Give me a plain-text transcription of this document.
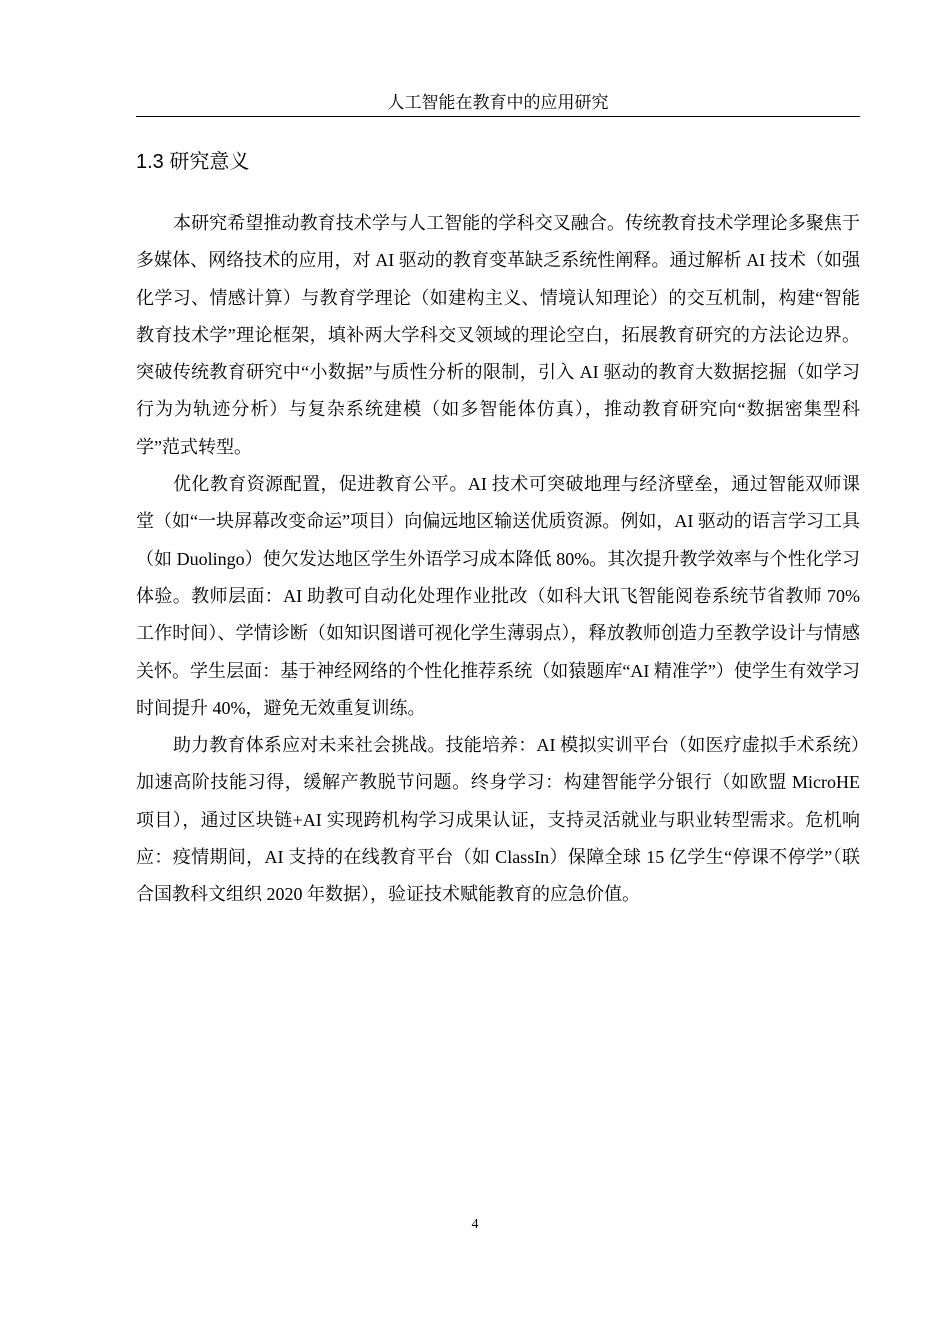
人工智能在教育中的应用研究
1.3 研究意义

本研究希望推动教育技术学与人工智能的学科交叉融合。传统教育技术学理论多聚焦于多媒体、网络技术的应用，对 AI 驱动的教育变革缺乏系统性阐释。通过解析 AI 技术（如强化学习、情感计算）与教育学理论（如建构主义、情境认知理论）的交互机制，构建“智能教育技术学”理论框架，填补两大学科交叉领域的理论空白，拓展教育研究的方法论边界。突破传统教育研究中“小数据”与质性分析的限制，引入 AI 驱动的教育大数据挖掘（如学习行为为轨迹分析）与复杂系统建模（如多智能体仿真），推动教育研究向“数据密集型科学”范式转型。

优化教育资源配置，促进教育公平。AI 技术可突破地理与经济壁垒，通过智能双师课堂（如“一块屏幕改变命运”项目）向偏远地区输送优质资源。例如，AI 驱动的语言学习工具（如 Duolingo）使欠发达地区学生外语学习成本降低 80%。其次提升教学效率与个性化学习体验。教师层面：AI 助教可自动化处理作业批改（如科大讯飞智能阅卷系统节省教师 70%工作时间）、学情诊断（如知识图谱可视化学生薄弱点），释放教师创造力至教学设计与情感关怀。学生层面：基于神经网络的个性化推荐系统（如猿题库“AI 精准学”）使学生有效学习时间提升 40%，避免无效重复训练。

助力教育体系应对未来社会挑战。技能培养：AI 模拟实训平台（如医疗虚拟手术系统）加速高阶技能习得，缓解产教脱节问题。终身学习：构建智能学分银行（如欧盟 MicroHE 项目），通过区块链+AI 实现跨机构学习成果认证，支持灵活就业与职业转型需求。危机响应：疫情期间，AI 支持的在线教育平台（如 ClassIn）保障全球 15 亿学生“停课不停学”（联合国教科文组织 2020 年数据），验证技术赋能教育的应急价值。

4
